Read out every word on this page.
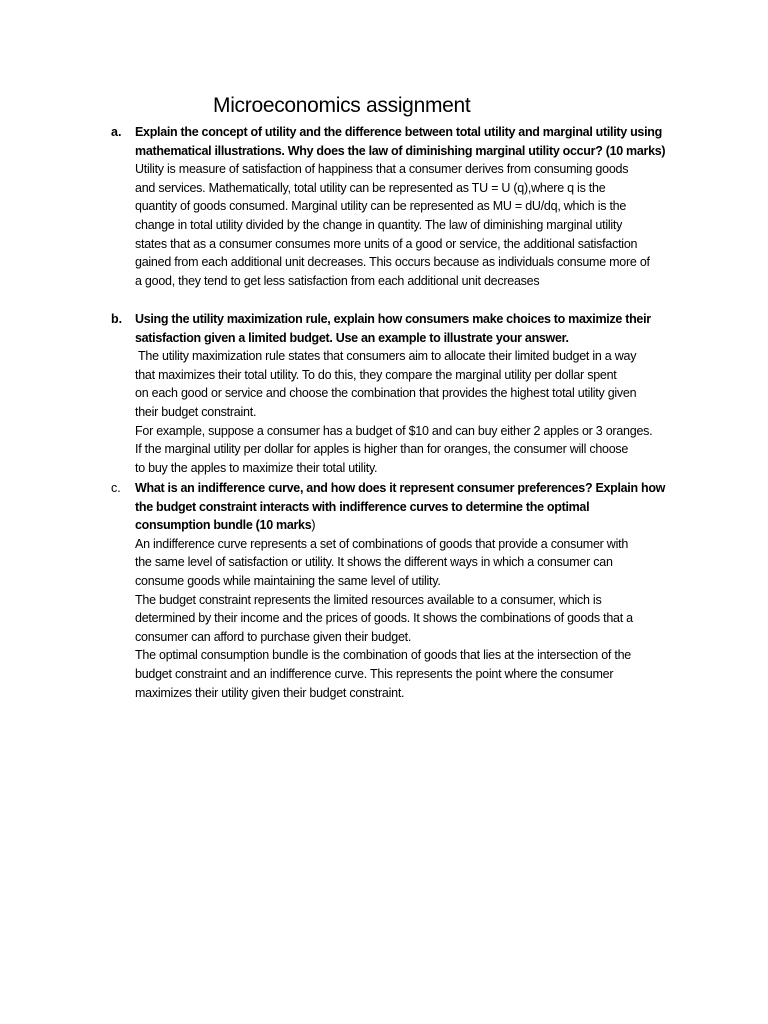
Microeconomics assignment
a. Explain the concept of utility and the difference between total utility and marginal utility using
mathematical illustrations. Why does the law of diminishing marginal utility occur? (10 marks)
Utility is measure of satisfaction of happiness that a consumer derives from consuming goods
and services. Mathematically, total utility can be represented as TU = U (q),where q is the
quantity of goods consumed. Marginal utility can be represented as MU = dU/dq, which is the
change in total utility divided by the change in quantity. The law of diminishing marginal utility
states that as a consumer consumes more units of a good or service, the additional satisfaction
gained from each additional unit decreases. This occurs because as individuals consume more of
a good, they tend to get less satisfaction from each additional unit decreases
b. Using the utility maximization rule, explain how consumers make choices to maximize their
satisfaction given a limited budget. Use an example to illustrate your answer.
The utility maximization rule states that consumers aim to allocate their limited budget in a way
that maximizes their total utility. To do this, they compare the marginal utility per dollar spent
on each good or service and choose the combination that provides the highest total utility given
their budget constraint.
For example, suppose a consumer has a budget of $10 and can buy either 2 apples or 3 oranges.
If the marginal utility per dollar for apples is higher than for oranges, the consumer will choose
to buy the apples to maximize their total utility.
c. What is an indifference curve, and how does it represent consumer preferences? Explain how
the budget constraint interacts with indifference curves to determine the optimal
consumption bundle (10 marks)
An indifference curve represents a set of combinations of goods that provide a consumer with
the same level of satisfaction or utility. It shows the different ways in which a consumer can
consume goods while maintaining the same level of utility.
The budget constraint represents the limited resources available to a consumer, which is
determined by their income and the prices of goods. It shows the combinations of goods that a
consumer can afford to purchase given their budget.
The optimal consumption bundle is the combination of goods that lies at the intersection of the
budget constraint and an indifference curve. This represents the point where the consumer
maximizes their utility given their budget constraint.
